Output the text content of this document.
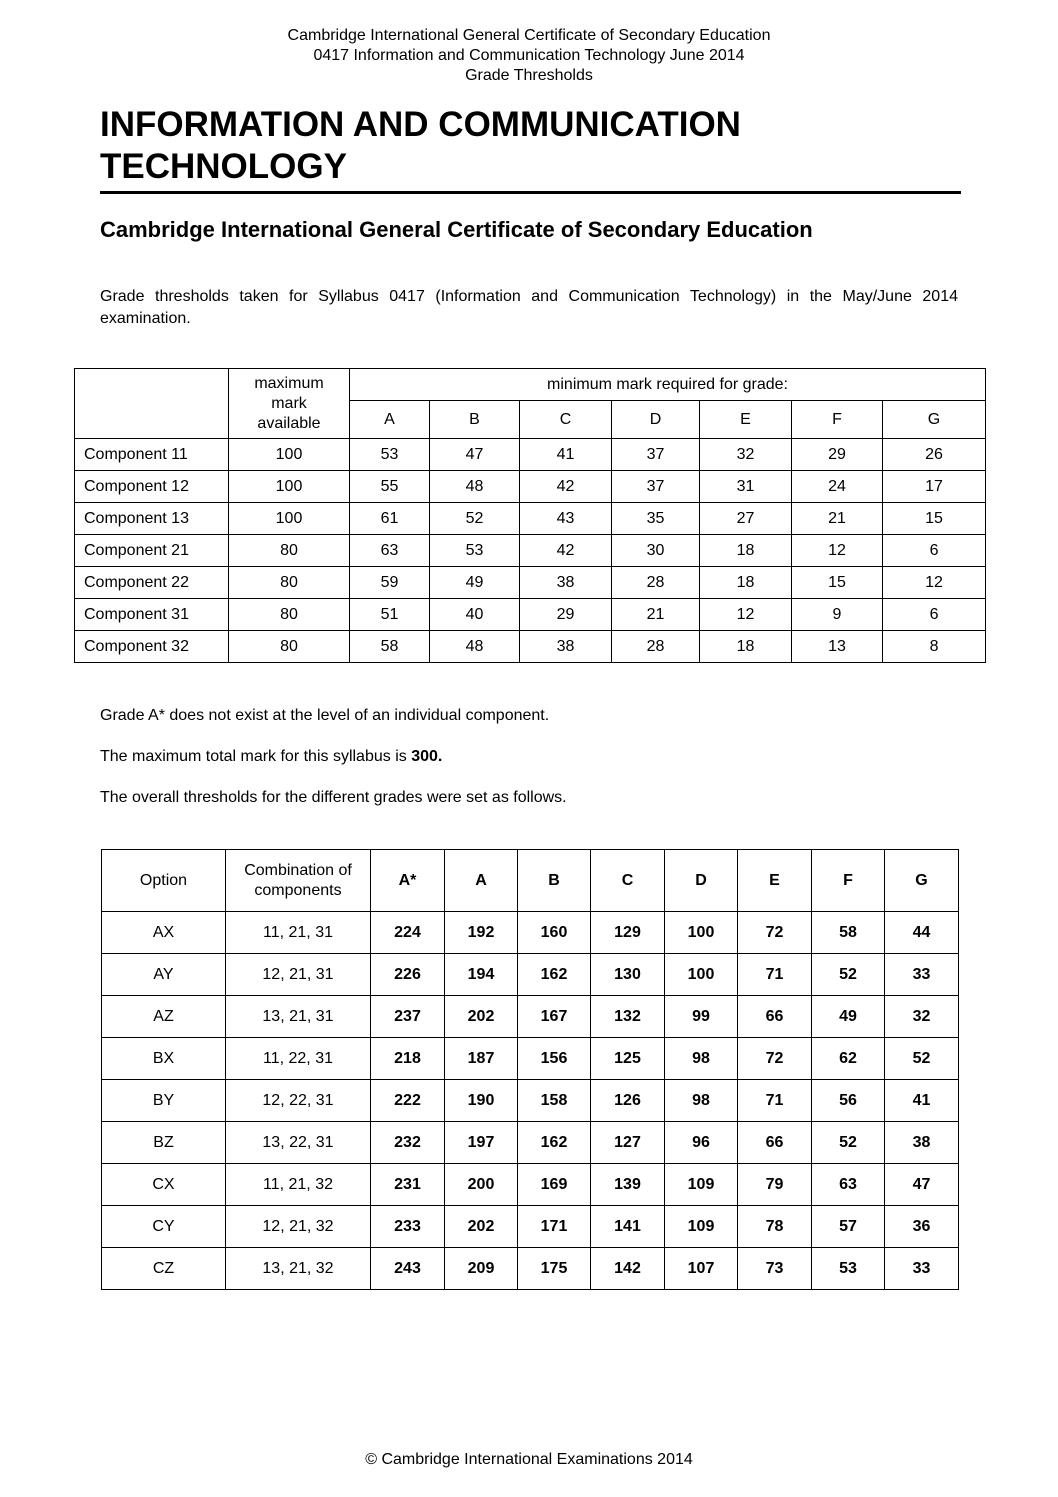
Cambridge International General Certificate of Secondary Education
0417 Information and Communication Technology June 2014
Grade Thresholds
INFORMATION AND COMMUNICATION
TECHNOLOGY
Cambridge International General Certificate of Secondary Education
Grade thresholds taken for Syllabus 0417 (Information and Communication Technology) in the May/June 2014 examination.
	maximum mark available	minimum mark required for grade:						
		A	B	C	D	E	F	G
Component 11	100	53	47	41	37	32	29	26
Component 12	100	55	48	42	37	31	24	17
Component 13	100	61	52	43	35	27	21	15
Component 21	80	63	53	42	30	18	12	6
Component 22	80	59	49	38	28	18	15	12
Component 31	80	51	40	29	21	12	9	6
Component 32	80	58	48	38	28	18	13	8
Grade A* does not exist at the level of an individual component.
The maximum total mark for this syllabus is 300.
The overall thresholds for the different grades were set as follows.
Option	Combination of components	A*	A	B	C	D	E	F	G
AX	11, 21, 31	224	192	160	129	100	72	58	44
AY	12, 21, 31	226	194	162	130	100	71	52	33
AZ	13, 21, 31	237	202	167	132	99	66	49	32
BX	11, 22, 31	218	187	156	125	98	72	62	52
BY	12, 22, 31	222	190	158	126	98	71	56	41
BZ	13, 22, 31	232	197	162	127	96	66	52	38
CX	11, 21, 32	231	200	169	139	109	79	63	47
CY	12, 21, 32	233	202	171	141	109	78	57	36
CZ	13, 21, 32	243	209	175	142	107	73	53	33
© Cambridge International Examinations 2014
